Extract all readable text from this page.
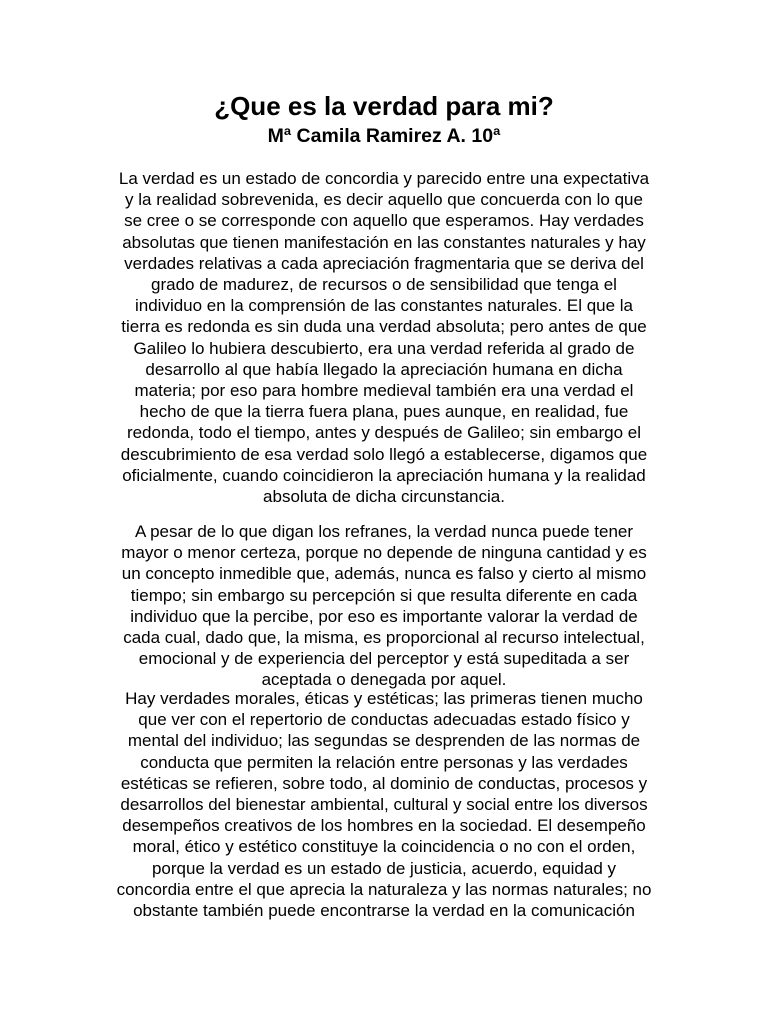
¿Que es la verdad para mi?
Mª Camila Ramirez A. 10ª
La verdad es un estado de concordia y parecido entre una expectativa
y la realidad sobrevenida, es decir aquello que concuerda con lo que
se cree o se corresponde con aquello que esperamos. Hay verdades
absolutas que tienen manifestación en las constantes naturales y hay
verdades relativas a cada apreciación fragmentaria que se deriva del
grado de madurez, de recursos o de sensibilidad que tenga el
individuo en la comprensión de las constantes naturales. El que la
tierra es redonda es sin duda una verdad absoluta; pero antes de que
Galileo lo hubiera descubierto, era una verdad referida al grado de
desarrollo al que había llegado la apreciación humana en dicha
materia; por eso para hombre medieval también era una verdad el
hecho de que la tierra fuera plana, pues aunque, en realidad, fue
redonda, todo el tiempo, antes y después de Galileo; sin embargo el
descubrimiento de esa verdad solo llegó a establecerse, digamos que
oficialmente, cuando coincidieron la apreciación humana y la realidad
absoluta de dicha circunstancia.
A pesar de lo que digan los refranes, la verdad nunca puede tener
mayor o menor certeza, porque no depende de ninguna cantidad y es
un concepto inmedible que, además, nunca es falso y cierto al mismo
tiempo; sin embargo su percepción si que resulta diferente en cada
individuo que la percibe, por eso es importante valorar la verdad de
cada cual, dado que, la misma, es proporcional al recurso intelectual,
emocional y de experiencia del perceptor y está supeditada a ser
aceptada o denegada por aquel.
Hay verdades morales, éticas y estéticas; las primeras tienen mucho
que ver con el repertorio de conductas adecuadas estado físico y
mental del individuo; las segundas se desprenden de las normas de
conducta que permiten la relación entre personas y las verdades
estéticas se refieren, sobre todo, al dominio de conductas, procesos y
desarrollos del bienestar ambiental, cultural y social entre los diversos
desempeños creativos de los hombres en la sociedad. El desempeño
moral, ético y estético constituye la coincidencia o no con el orden,
porque la verdad es un estado de justicia, acuerdo, equidad y
concordia entre el que aprecia la naturaleza y las normas naturales; no
obstante también puede encontrarse la verdad en la comunicación
